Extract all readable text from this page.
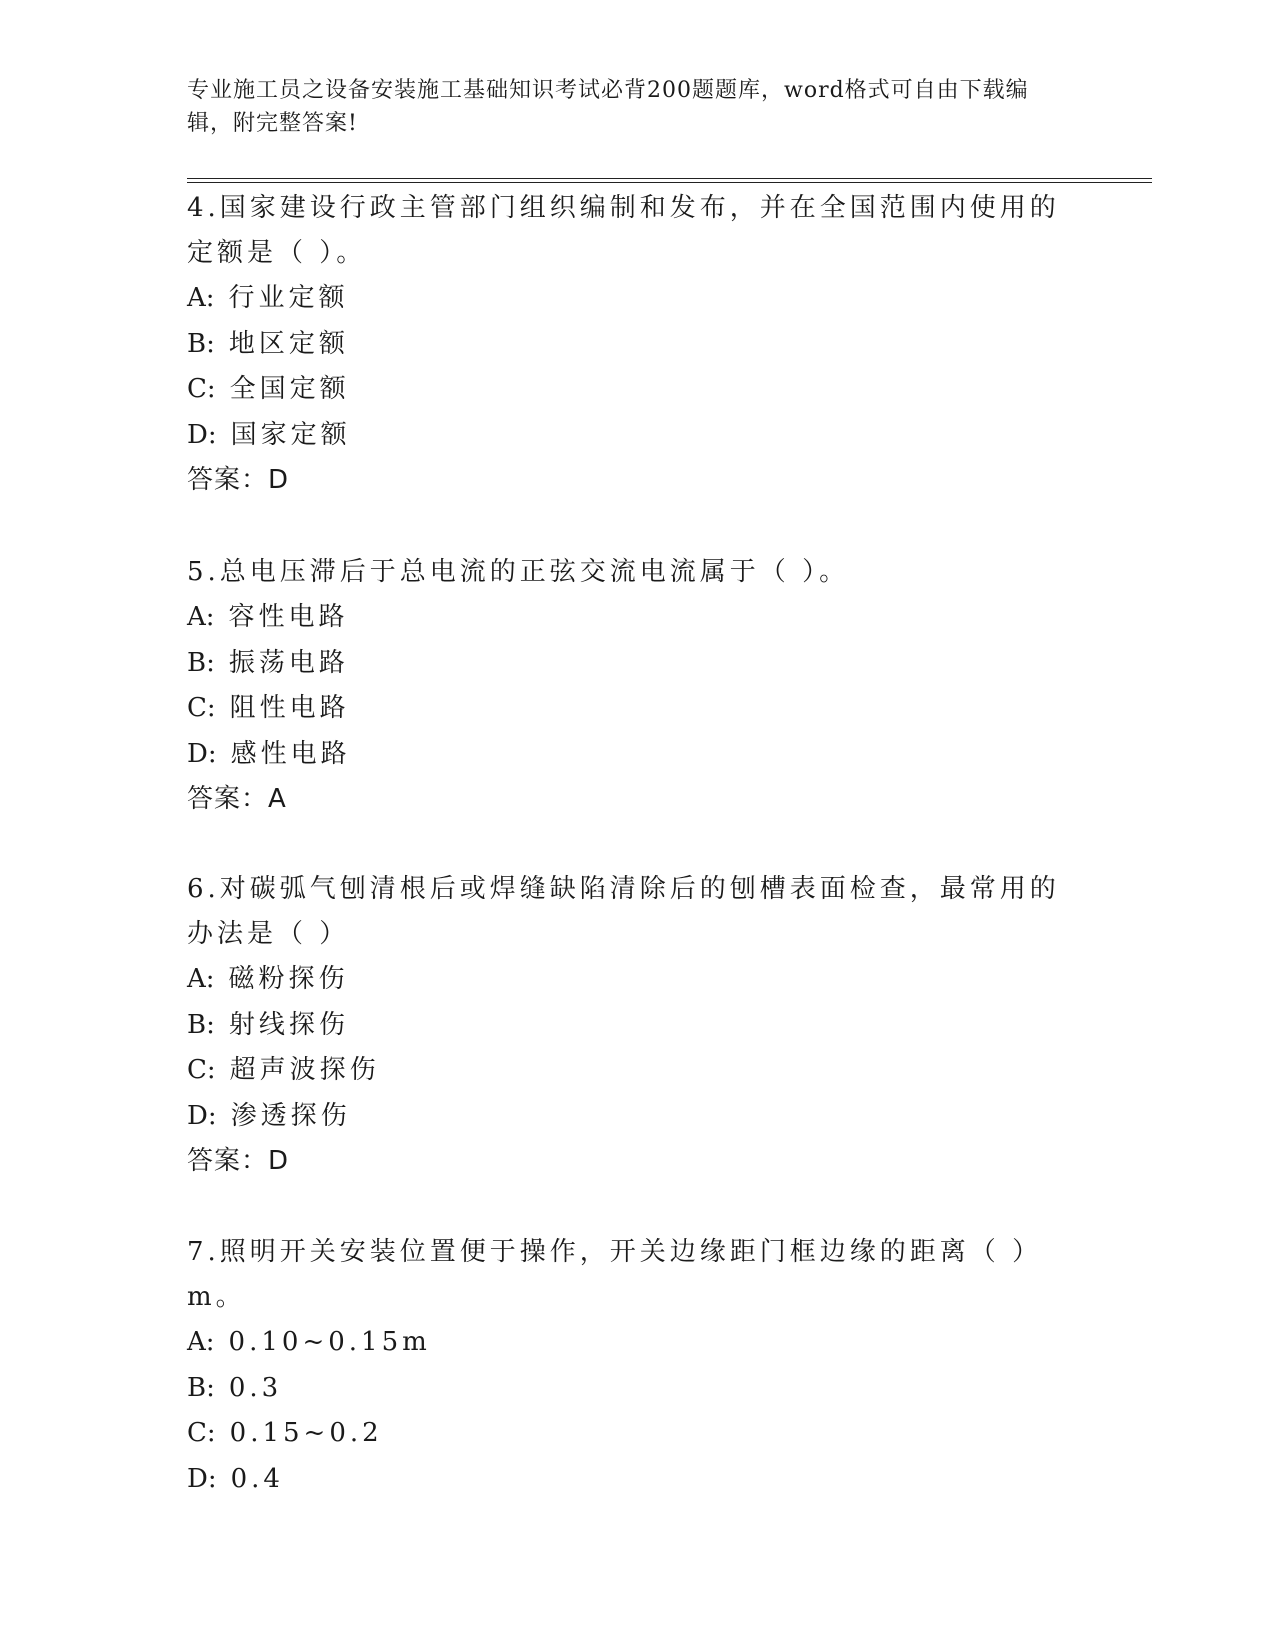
专业施工员之设备安装施工基础知识考试必背200题题库，word格式可自由下载编辑，附完整答案!
4.国家建设行政主管部门组织编制和发布，并在全国范围内使用的定额是（ ）。
A: 行业定额
B: 地区定额
C: 全国定额
D: 国家定额
答案：D
5.总电压滞后于总电流的正弦交流电流属于（ ）。
A: 容性电路
B: 振荡电路
C: 阻性电路
D: 感性电路
答案：A
6.对碳弧气刨清根后或焊缝缺陷清除后的刨槽表面检查，最常用的办法是（ ）
A: 磁粉探伤
B: 射线探伤
C: 超声波探伤
D: 渗透探伤
答案：D
7.照明开关安装位置便于操作，开关边缘距门框边缘的距离（ ）m。
A: 0.10~0.15m
B: 0.3
C: 0.15~0.2
D: 0.4
